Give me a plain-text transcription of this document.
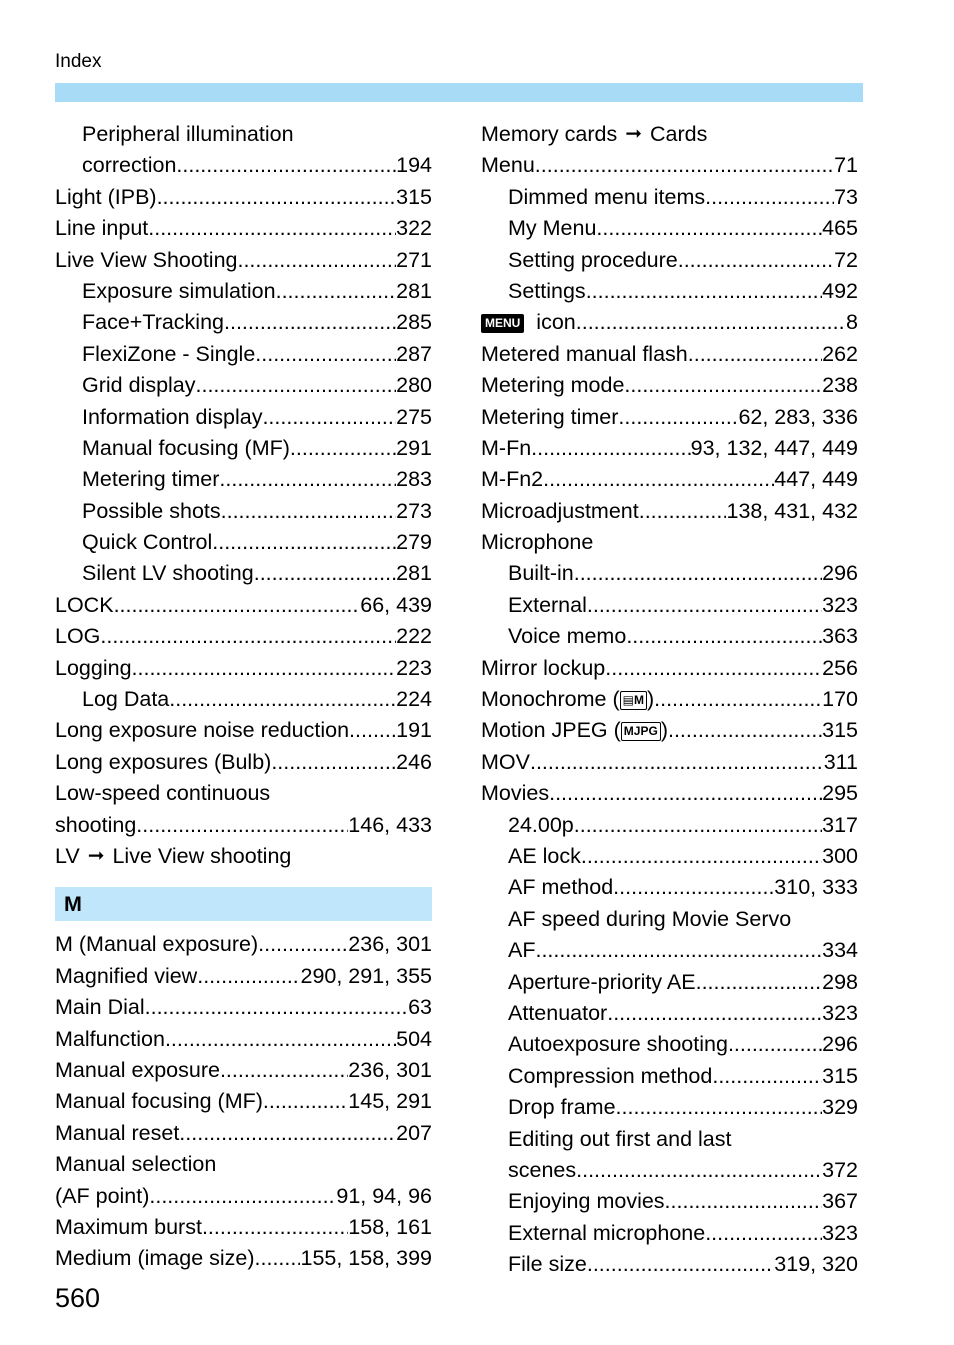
Index
Peripheral illumination
correction .....	194
Light (IPB) .....	315
Line input .....	322
Live View Shooting .....	271
Exposure simulation .....	281
Face+Tracking .....	285
FlexiZone - Single .....	287
Grid display .....	280
Information display .....	275
Manual focusing (MF) .....	291
Metering timer .....	283
Possible shots .....	273
Quick Control .....	279
Silent LV shooting .....	281
LOCK .....	66, 439
LOG .....	222
Logging .....	223
Log Data .....	224
Long exposure noise reduction ..... 191
Long exposures (Bulb) .....	246
Low-speed continuous
shooting .....	146, 433
LV ➞ Live View shooting
M
M (Manual exposure) .....	236, 301
Magnified view .....	290, 291, 355
Main Dial .....	63
Malfunction .....	504
Manual exposure .....	236, 301
Manual focusing (MF) .....	145, 291
Manual reset .....	207
Manual selection
(AF point) .....	91, 94, 96
Maximum burst .....	158, 161
Medium (image size) ..... 155, 158, 399
Memory cards ➞ Cards
Menu .....	71
Dimmed menu items .....	73
My Menu .....	465
Setting procedure .....	72
Settings .....	492
MENU icon .....	8
Metered manual flash .....	262
Metering mode .....	238
Metering timer .....	62, 283, 336
M-Fn .....	93, 132, 447, 449
M-Fn2 .....	447, 449
Microadjustment .....	138, 431, 432
Microphone
Built-in .....	296
External .....	323
Voice memo .....	363
Mirror lockup .....	256
Monochrome ( ▤M ) .....	170
Motion JPEG ( MJPG ) .....	315
MOV .....	311
Movies .....	295
24.00p .....	317
AE lock .....	300
AF method .....	310, 333
AF speed during Movie Servo
AF .....	334
Aperture-priority AE .....	298
Attenuator .....	323
Autoexposure shooting .....	296
Compression method .....	315
Drop frame .....	329
Editing out first and last
scenes .....	372
Enjoying movies .....	367
External microphone .....	323
File size .....	319, 320
560
